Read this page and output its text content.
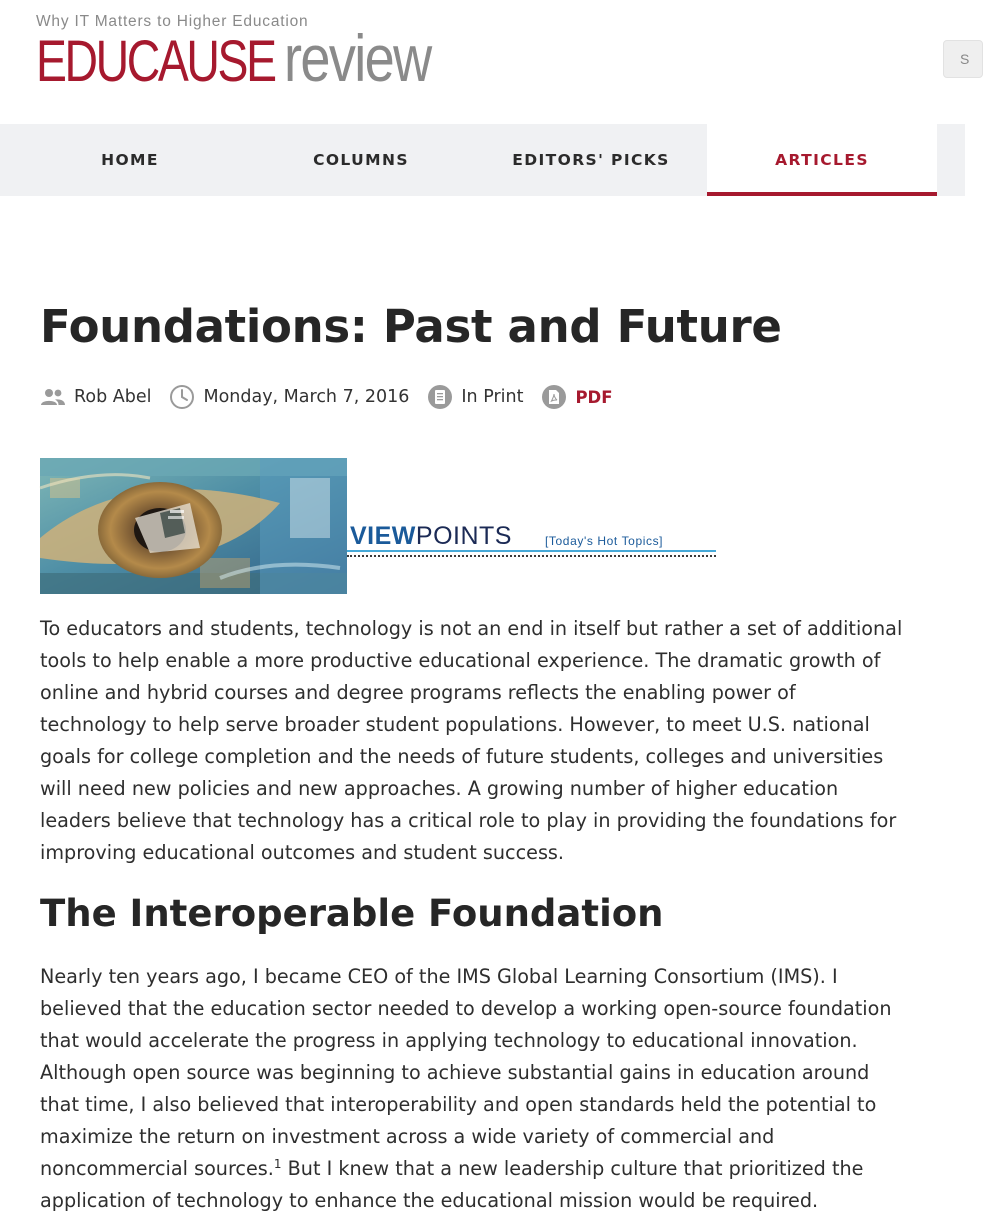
Why IT Matters to Higher Education
EDUCAUSE review	S
HOME	COLUMNS	EDITORS' PICKS	ARTICLES
Foundations: Past and Future
Rob Abel	Monday, March 7, 2016	In Print	PDF
VIEWPOINTS	[Today's Hot Topics]
To educators and students, technology is not an end in itself but rather a set of additional
tools to help enable a more productive educational experience. The dramatic growth of
online and hybrid courses and degree programs reflects the enabling power of
technology to help serve broader student populations. However, to meet U.S. national
goals for college completion and the needs of future students, colleges and universities
will need new policies and new approaches. A growing number of higher education
leaders believe that technology has a critical role to play in providing the foundations for
improving educational outcomes and student success.
The Interoperable Foundation
Nearly ten years ago, I became CEO of the IMS Global Learning Consortium (IMS). I
believed that the education sector needed to develop a working open-source foundation
that would accelerate the progress in applying technology to educational innovation.
Although open source was beginning to achieve substantial gains in education around
that time, I also believed that interoperability and open standards held the potential to
maximize the return on investment across a wide variety of commercial and
noncommercial sources.$^1$ But I knew that a new leadership culture that prioritized the
application of technology to enhance the educational mission would be required.
